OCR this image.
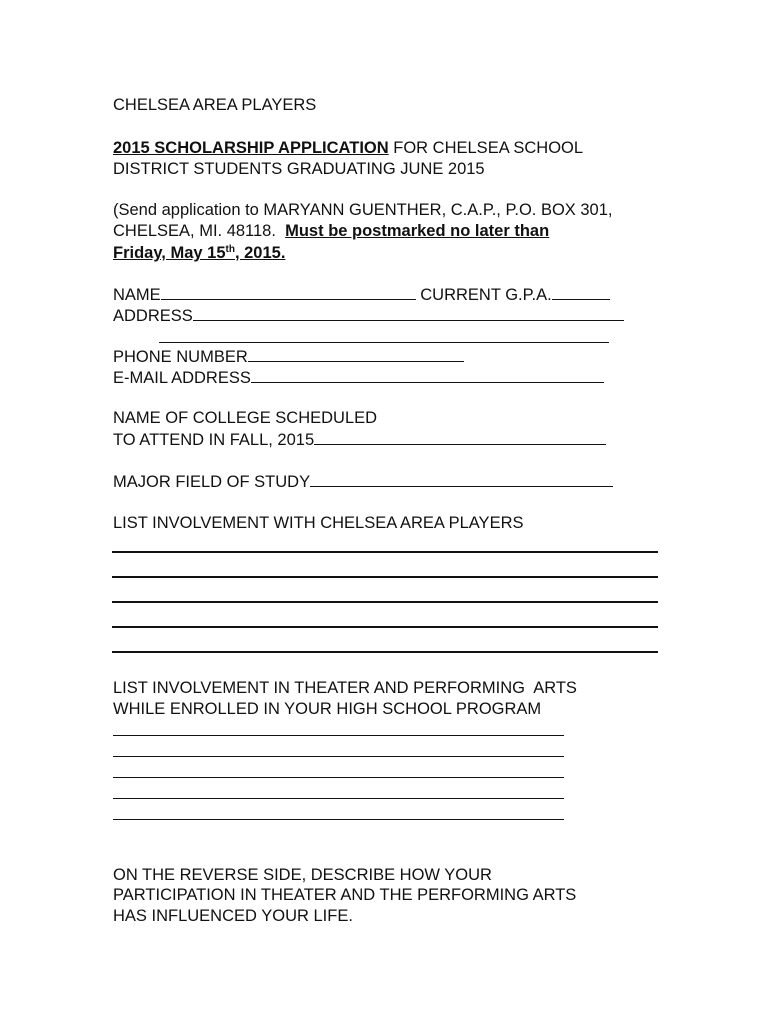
CHELSEA AREA PLAYERS
2015 SCHOLARSHIP APPLICATION FOR CHELSEA SCHOOL
DISTRICT STUDENTS GRADUATING JUNE 2015
(Send application to MARYANN GUENTHER, C.A.P., P.O. BOX 301,
CHELSEA, MI. 48118.  Must be postmarked no later than
Friday, May 15th, 2015.
NAME	CURRENT G.P.A.
ADDRESS
PHONE NUMBER
E-MAIL ADDRESS
NAME OF COLLEGE SCHEDULED
TO ATTEND IN FALL, 2015
MAJOR FIELD OF STUDY
LIST INVOLVEMENT WITH CHELSEA AREA PLAYERS
LIST INVOLVEMENT IN THEATER AND PERFORMING  ARTS
WHILE ENROLLED IN YOUR HIGH SCHOOL PROGRAM
ON THE REVERSE SIDE, DESCRIBE HOW YOUR
PARTICIPATION IN THEATER AND THE PERFORMING ARTS
HAS INFLUENCED YOUR LIFE.
